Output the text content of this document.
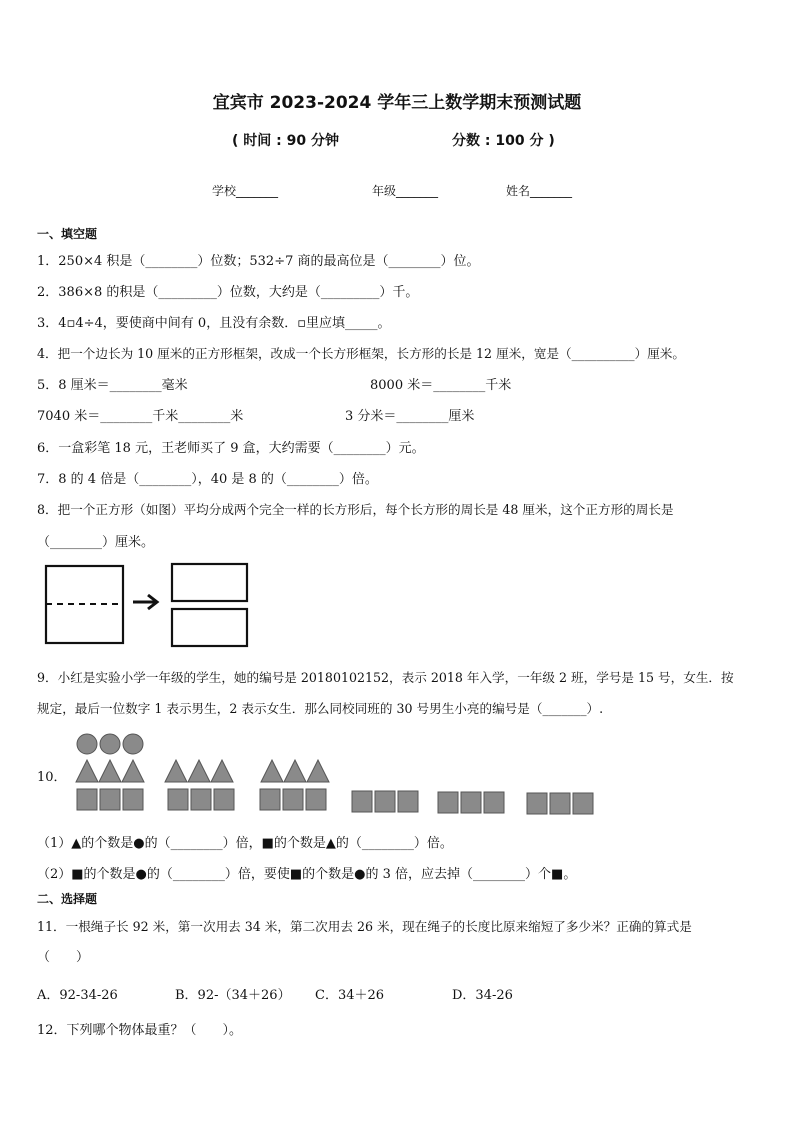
宜宾市 2023-2024 学年三上数学期末预测试题
( 时间 : 90 分钟	分数 : 100 分 )
学校_______	年级_______	姓名_______
一、填空题
1．250×4 积是（________）位数；532÷7 商的最高位是（________）位。
2．386×8 的积是（_________）位数，大约是（_________）千。
3．4▫4÷4，要使商中间有 0，且没有余数．▫里应填_____。
4．把一个边长为 10 厘米的正方形框架，改成一个长方形框架，长方形的长是 12 厘米，宽是（__________）厘米。
5．8 厘米＝________毫米	8000 米＝________千米
7040 米＝________千米________米	3 分米＝________厘米
6．一盒彩笔 18 元，王老师买了 9 盒，大约需要（________）元。
7．8 的 4 倍是（________），40 是 8 的（________）倍。
8．把一个正方形（如图）平均分成两个完全一样的长方形后，每个长方形的周长是 48 厘米，这个正方形的周长是
（________）厘米。
9．小红是实验小学一年级的学生，她的编号是 20180102152，表示 2018 年入学，一年级 2 班，学号是 15 号，女生．按
规定，最后一位数字 1 表示男生，2 表示女生．那么同校同班的 30 号男生小亮的编号是（_______）.
10．
（1）▲的个数是●的（________）倍，■的个数是▲的（________）倍。
（2）■的个数是●的（________）倍，要使■的个数是●的 3 倍，应去掉（________）个■。
二、选择题
11．一根绳子长 92 米，第一次用去 34 米，第二次用去 26 米，现在绳子的长度比原来缩短了多少米？正确的算式是
（　　）
A．92-34-26	B．92-（34＋26） C．34＋26	D．34-26
12．下列哪个物体最重？（　　）。
